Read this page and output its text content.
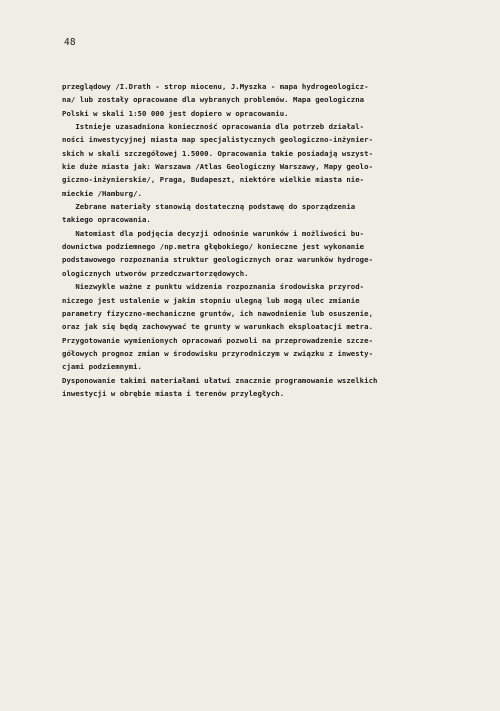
48
przeglądowy /I.Drath - strop miocenu, J.Myszka - mapa hydrogeologicz-
na/ lub zostały opracowane dla wybranych problemów. Mapa geologiczna
Polski w skali 1:50 000 jest dopiero w opracowaniu.
Istnieje uzasadniona konieczność opracowania dla potrzeb działal-
ności inwestycyjnej miasta map specjalistycznych geologiczno-inżynier-
skich w skali szczegółowej 1.5000. Opracowania takie posiadają wszyst-
kie duże miasta jak: Warszawa /Atlas Geologiczny Warszawy, Mapy geolo-
giczno-inżynierskie/, Praga, Budapeszt, niektóre wielkie miasta nie-
mieckie /Hamburg/.
Zebrane materiały stanowią dostateczną podstawę do sporządzenia
takiego opracowania.
Natomiast dla podjęcia decyzji odnośnie warunków i możliwości bu-
downictwa podziemnego /np.metra głębokiego/ konieczne jest wykonanie
podstawowego rozpoznania struktur geologicznych oraz warunków hydroge-
ologicznych utworów przedczwartorzędowych.
Niezwykle ważne z punktu widzenia rozpoznania środowiska przyrod-
niczego jest ustalenie w jakim stopniu ulegną lub mogą ulec zmianie
parametry fizyczno-mechaniczne gruntów, ich nawodnienie lub osuszenie,
oraz jak się będą zachowywać te grunty w warunkach eksploatacji metra.
Przygotowanie wymienionych opracowań pozwoli na przeprowadzenie szcze-
gółowych prognoz zmian w środowisku przyrodniczym w związku z inwesty-
cjami podziemnymi.
Dysponowanie takimi materiałami ułatwi znacznie programowanie wszelkich
inwestycji w obrębie miasta i terenów przyległych.
